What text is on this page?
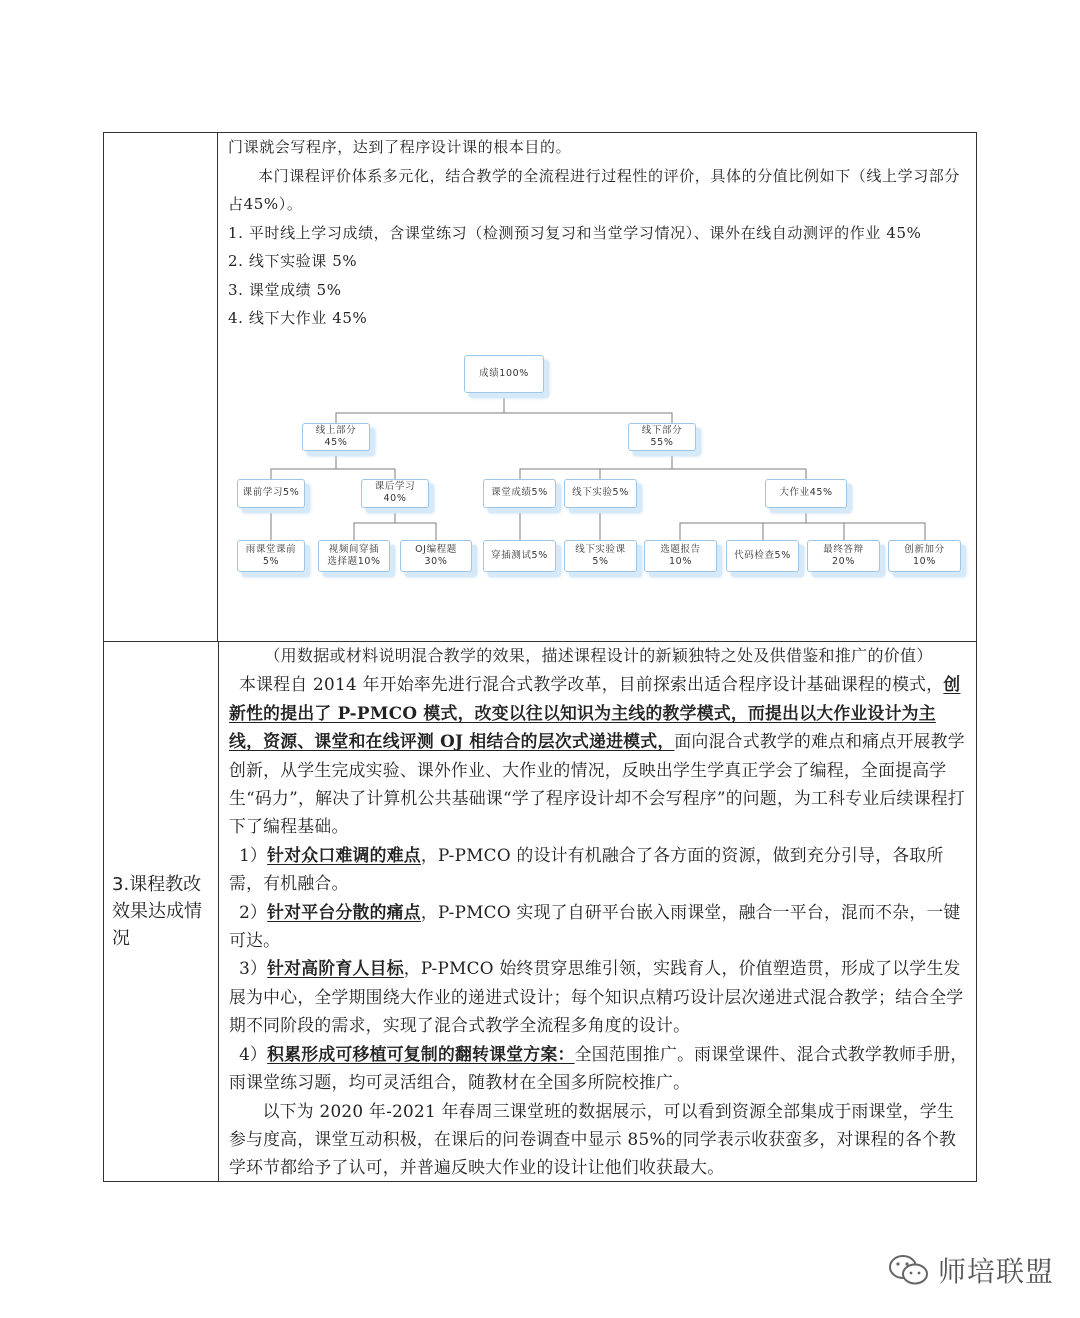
门课就会写程序，达到了程序设计课的根本目的。

本门课程评价体系多元化，结合教学的全流程进行过程性的评价，具体的分值比例如下（线上学习部分占45%）。

1. 平时线上学习成绩，含课堂练习（检测预习复习和当堂学习情况）、课外在线自动测评的作业 45%

2. 线下实验课 5%

3. 课堂成绩 5%

4. 线下大作业 45%

成绩100%
线上部分
45%
线下部分
55%
课前学习5%
课后学习
40%
课堂成绩5%	线下实验5%	大作业45%
雨课堂课前
5%
视频间穿插
选择题10%
OJ编程题
30%
穿插测试5%
线下实验课
5%
选题报告
10%
代码检查5%
最终答辩
20%
创新加分
10%
3.课程教改效果达成情况

（用数据或材料说明混合教学的效果，描述课程设计的新颖独特之处及供借鉴和推广的价值）

本课程自 2014 年开始率先进行混合式教学改革，目前探索出适合程序设计基础课程的模式，创新性的提出了 P-PMCO 模式，改变以往以知识为主线的教学模式，而提出以大作业设计为主线，资源、课堂和在线评测 OJ 相结合的层次式递进模式，面向混合式教学的难点和痛点开展教学创新，从学生完成实验、课外作业、大作业的情况，反映出学生学真正学会了编程，全面提高学生“码力”，解决了计算机公共基础课“学了程序设计却不会写程序”的问题，为工科专业后续课程打下了编程基础。

1）针对众口难调的难点，P-PMCO 的设计有机融合了各方面的资源，做到充分引导，各取所需，有机融合。

2）针对平台分散的痛点，P-PMCO 实现了自研平台嵌入雨课堂，融合一平台，混而不杂，一键可达。

3）针对高阶育人目标，P-PMCO 始终贯穿思维引领，实践育人，价值塑造贯，形成了以学生发展为中心，全学期围绕大作业的递进式设计；每个知识点精巧设计层次递进式混合教学；结合全学期不同阶段的需求，实现了混合式教学全流程多角度的设计。

4）积累形成可移植可复制的翻转课堂方案：全国范围推广。雨课堂课件、混合式教学教师手册，雨课堂练习题，均可灵活组合，随教材在全国多所院校推广。

以下为 2020 年-2021 年春周三课堂班的数据展示，可以看到资源全部集成于雨课堂，学生参与度高，课堂互动积极，在课后的问卷调查中显示 85%的同学表示收获蛮多，对课程的各个教学环节都给予了认可，并普遍反映大作业的设计让他们收获最大。

师培联盟
